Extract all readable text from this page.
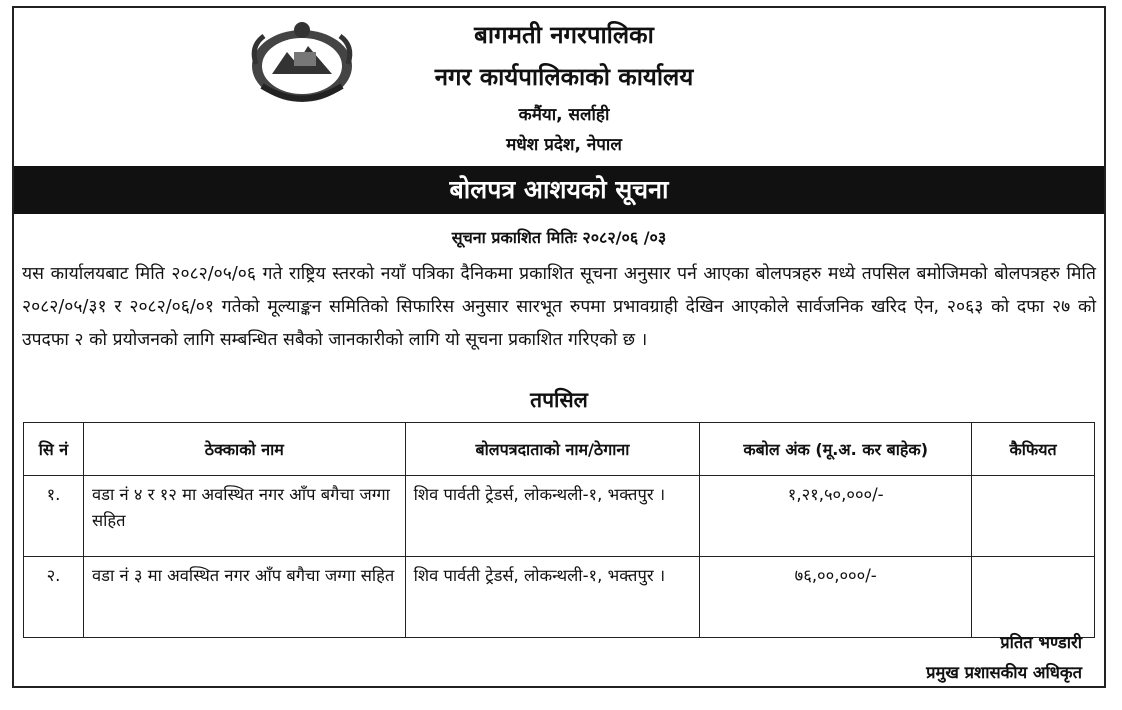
बागमती नगरपालिका
नगर कार्यपालिकाको कार्यालय
कमैंया, सर्लाही
मधेश प्रदेश, नेपाल
बोलपत्र आशयको सूचना
सूचना प्रकाशित मितिः २०८२/०६ /०३
यस कार्यालयबाट मिति २०८२/०५/०६ गते राष्ट्रिय स्तरको नयाँ पत्रिका दैनिकमा प्रकाशित सूचना अनुसार पर्न आएका बोलपत्रहरु मध्ये तपसिल बमोजिमको बोलपत्रहरु मिति २०८२/०५/३१ र २०८२/०६/०१ गतेको मूल्याङ्कन समितिको सिफारिस अनुसार सारभूत रुपमा प्रभावग्राही देखिन आएकोले सार्वजनिक खरिद ऐन, २०६३ को दफा २७ को उपदफा २ को प्रयोजनको लागि सम्बन्धित सबैको जानकारीको लागि यो सूचना प्रकाशित गरिएको छ ।
तपसिल
सि नं	ठेक्काको नाम	बोलपत्रदाताको नाम/ठेगाना	कबोल अंक (मू.अ. कर बाहेक)	कैफियत
१.	वडा नं ४ र १२ मा अवस्थित नगर आँप बगैचा जग्गा सहित	शिव पार्वती ट्रेडर्स, लोकन्थली-१, भक्तपुर ।	१,२१,५०,०००/-	
२.	वडा नं ३ मा अवस्थित नगर आँप बगैचा जग्गा सहित	शिव पार्वती ट्रेडर्स, लोकन्थली-१, भक्तपुर ।	७६,००,०००/-	
प्रतित भण्डारी
प्रमुख प्रशासकीय अधिकृत
